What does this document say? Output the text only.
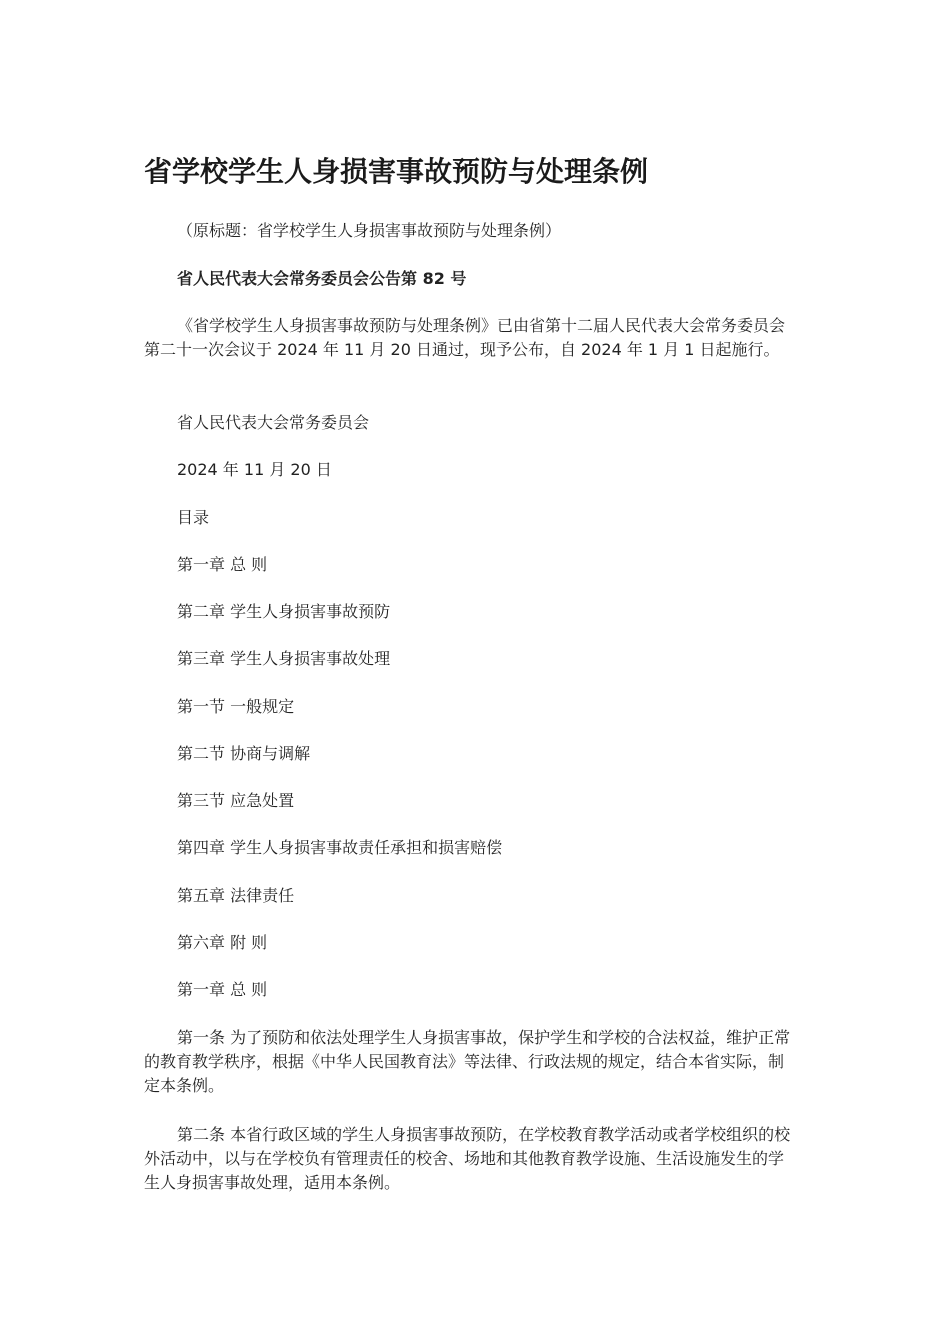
省学校学生人身损害事故预防与处理条例
（原标题：省学校学生人身损害事故预防与处理条例）
省人民代表大会常务委员会公告第 82 号
《省学校学生人身损害事故预防与处理条例》已由省第十二届人民代表大会常务委员会第二十一次会议于 2024 年 11 月 20 日通过，现予公布，自 2024 年 1 月 1 日起施行。
省人民代表大会常务委员会
2024 年 11 月 20 日
目录
第一章 总 则
第二章 学生人身损害事故预防
第三章 学生人身损害事故处理
第一节 一般规定
第二节 协商与调解
第三节 应急处置
第四章 学生人身损害事故责任承担和损害赔偿
第五章 法律责任
第六章 附 则
第一章 总 则
第一条 为了预防和依法处理学生人身损害事故，保护学生和学校的合法权益，维护正常的教育教学秩序，根据《中华人民国教育法》等法律、行政法规的规定，结合本省实际，制定本条例。
第二条 本省行政区域的学生人身损害事故预防，在学校教育教学活动或者学校组织的校外活动中，以与在学校负有管理责任的校舍、场地和其他教育教学设施、生活设施发生的学生人身损害事故处理，适用本条例。
